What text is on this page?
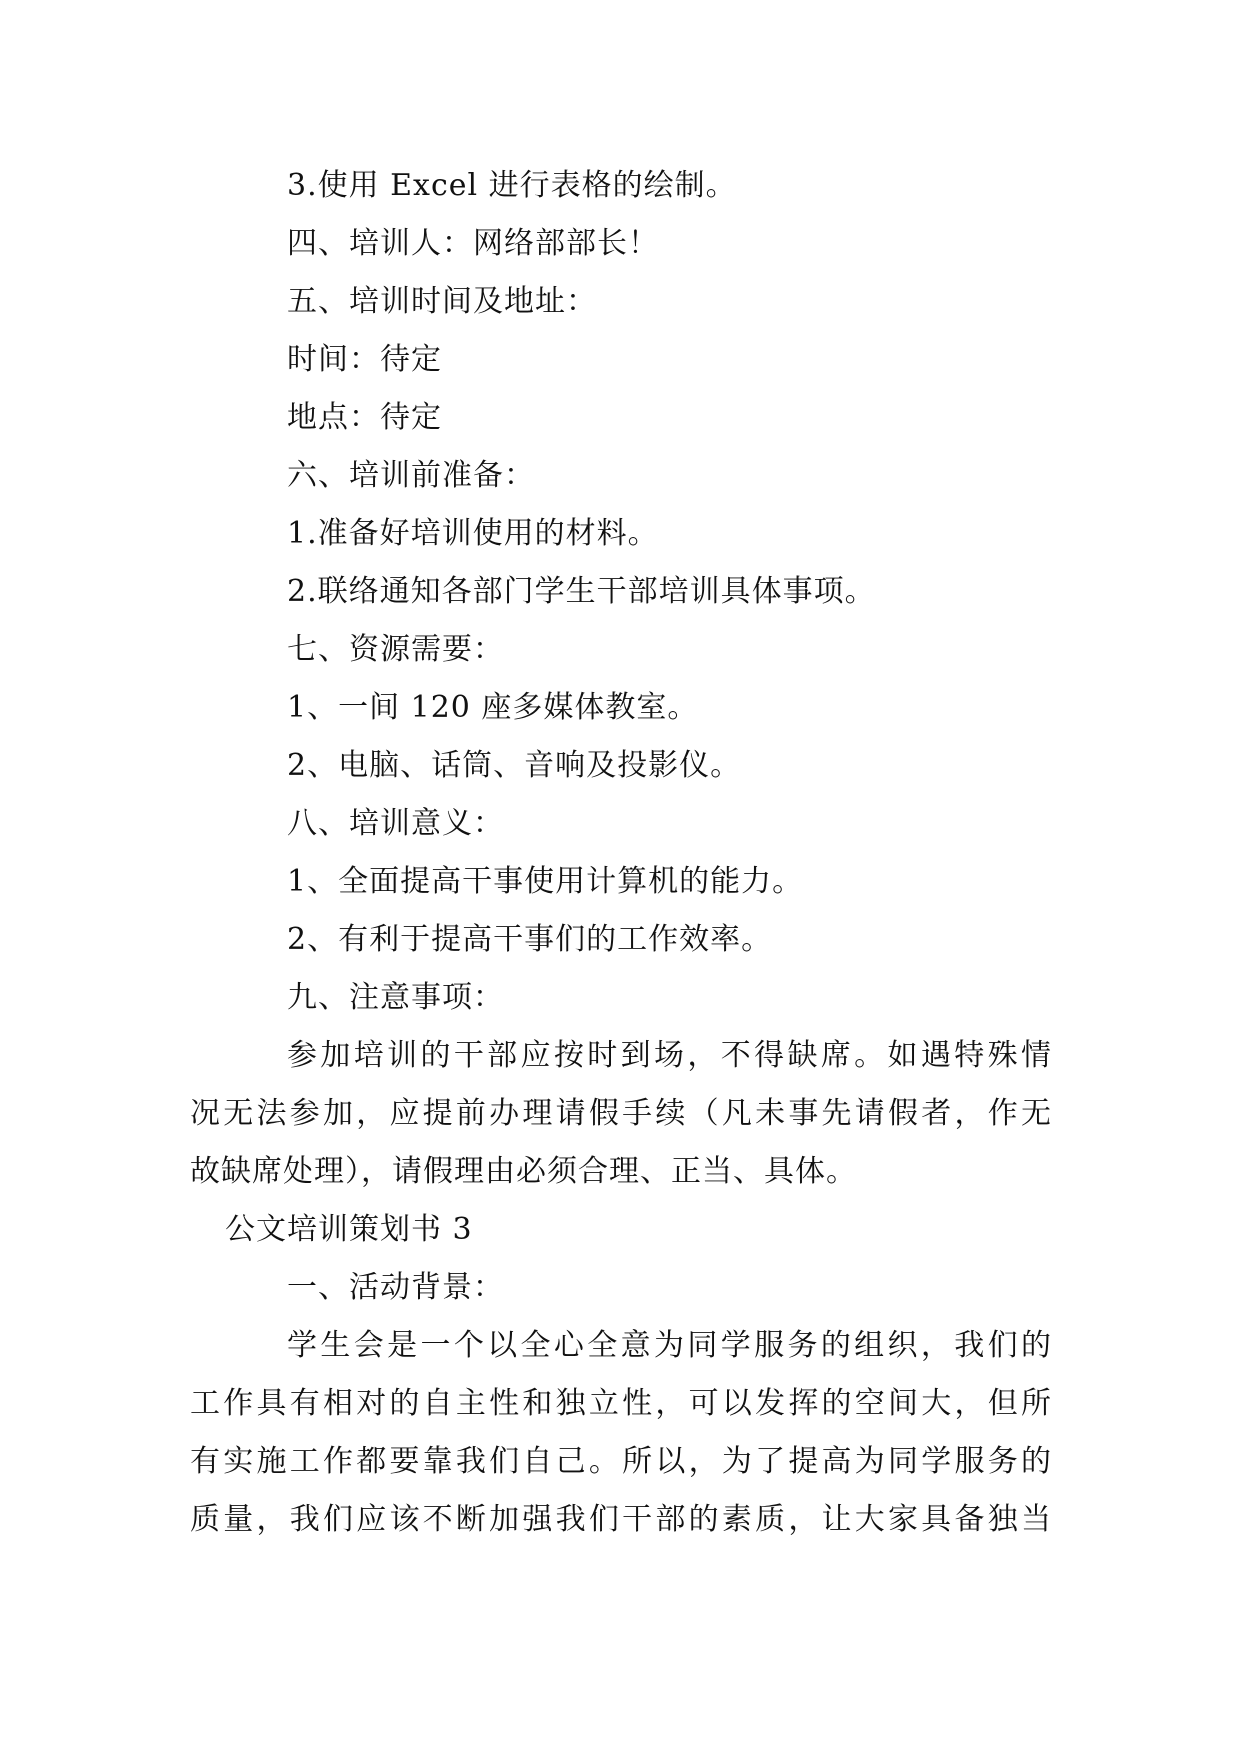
3.使用 Excel 进行表格的绘制。

四、培训人：网络部部长！

五、培训时间及地址：

时间：待定

地点：待定

六、培训前准备：

1.准备好培训使用的材料。

2.联络通知各部门学生干部培训具体事项。

七、资源需要：

1、一间 120 座多媒体教室。

2、电脑、话筒、音响及投影仪。

八、培训意义：

1、全面提高干事使用计算机的能力。

2、有利于提高干事们的工作效率。

九、注意事项：

参加培训的干部应按时到场，不得缺席。如遇特殊情

况无法参加，应提前办理请假手续（凡未事先请假者，作无

故缺席处理），请假理由必须合理、正当、具体。

公文培训策划书 3

一、活动背景：

学生会是一个以全心全意为同学服务的组织，我们的

工作具有相对的自主性和独立性，可以发挥的空间大，但所

有实施工作都要靠我们自己。所以，为了提高为同学服务的

质量，我们应该不断加强我们干部的素质，让大家具备独当
